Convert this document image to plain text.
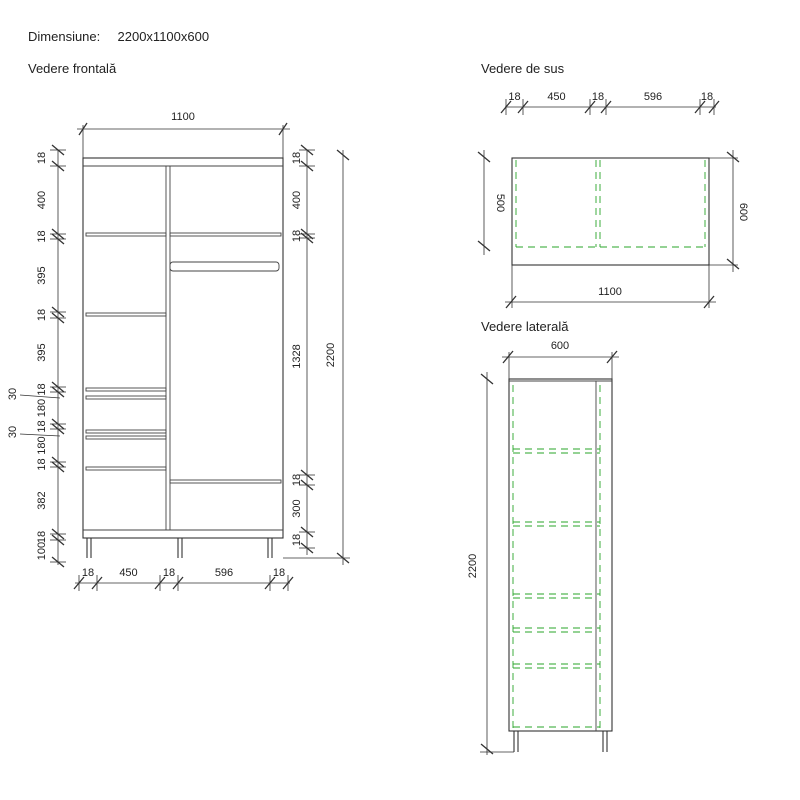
Dimensiune: 2200x1100x600
Vedere frontală	Vedere de sus
Vedere laterală
1100
18
400
18
395
18
395
18
180
18
180
18
382
18
100
30
30
18
400
18
1328
18
300
18
2200
18 450 18	596	18
18 450 18	596	18
500	600
1100
600
2200
